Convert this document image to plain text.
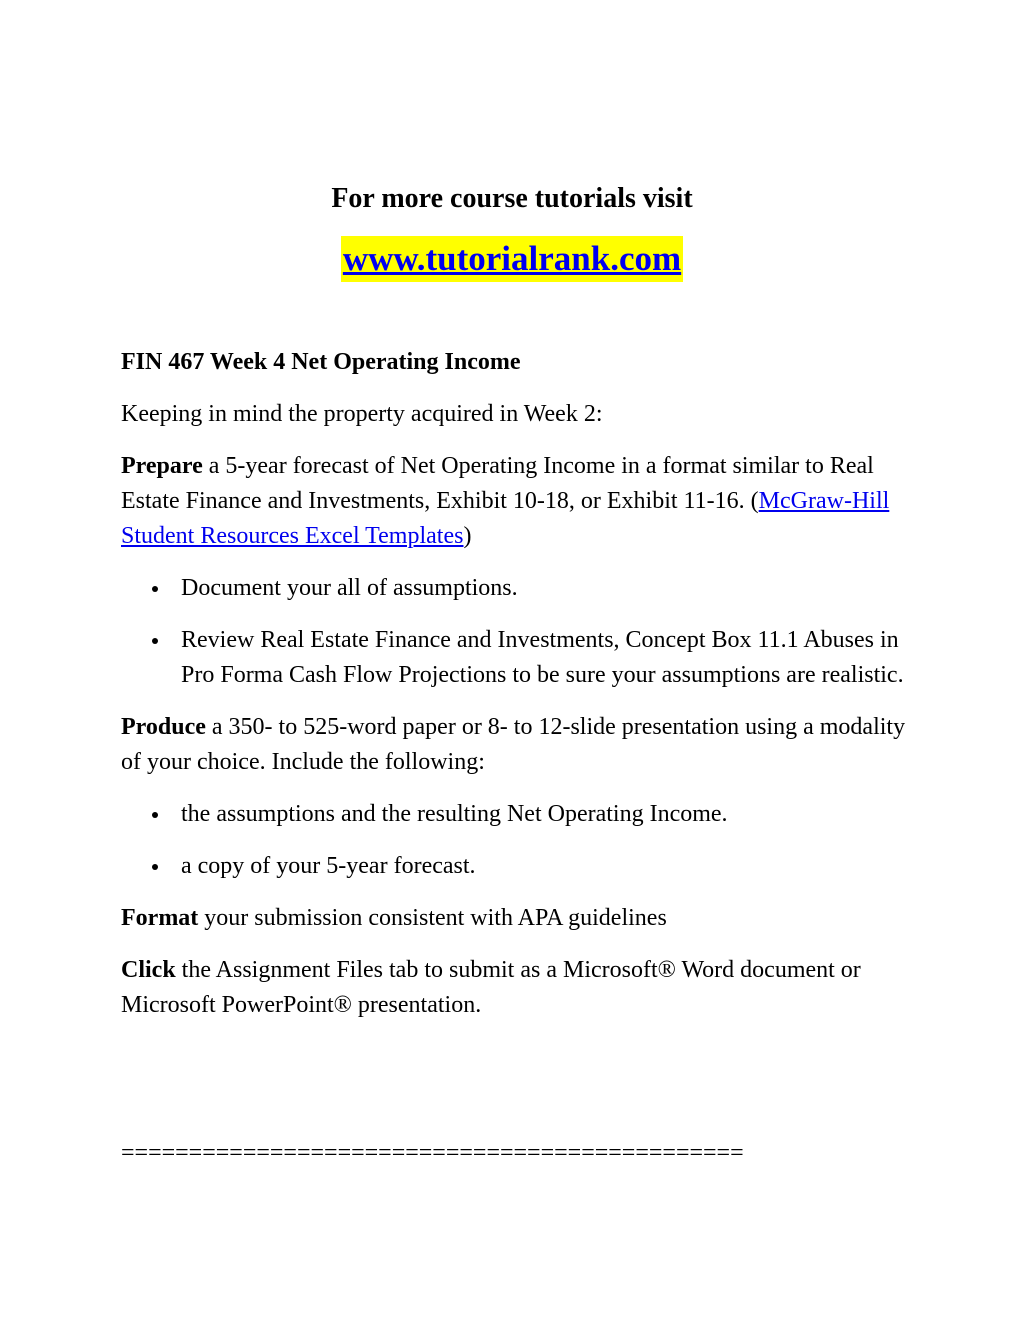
For more course tutorials visit
www.tutorialrank.com

FIN 467 Week 4 Net Operating Income

Keeping in mind the property acquired in Week 2:

Prepare a 5-year forecast of Net Operating Income in a format similar to Real Estate Finance and Investments, Exhibit 10-18, or Exhibit 11-16. (McGraw-Hill Student Resources Excel Templates)

Document your all of assumptions.
Review Real Estate Finance and Investments, Concept Box 11.1 Abuses in Pro Forma Cash Flow Projections to be sure your assumptions are realistic.

Produce a 350- to 525-word paper or 8- to 12-slide presentation using a modality of your choice. Include the following:

the assumptions and the resulting Net Operating Income.
a copy of your 5-year forecast.

Format your submission consistent with APA guidelines

Click the Assignment Files tab to submit as a Microsoft® Word document or Microsoft PowerPoint® presentation.

==============================================
